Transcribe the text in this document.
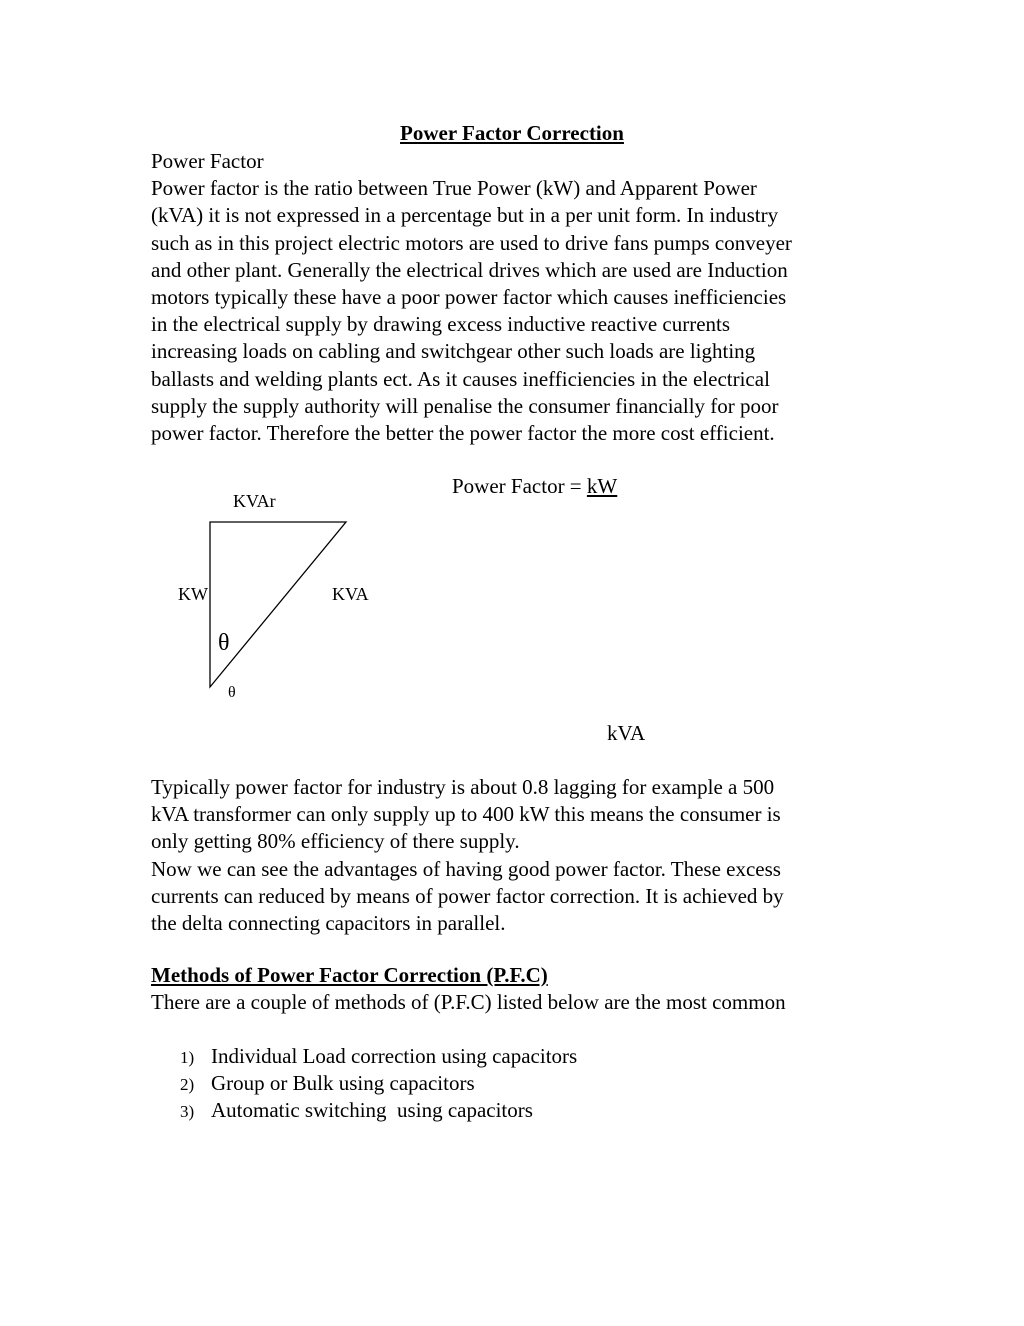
Power Factor Correction
Power Factor
Power factor is the ratio between True Power (kW) and Apparent Power
(kVA) it is not expressed in a percentage but in a per unit form. In industry
such as in this project electric motors are used to drive fans pumps conveyer
and other plant. Generally the electrical drives which are used are Induction
motors typically these have a poor power factor which causes inefficiencies
in the electrical supply by drawing excess inductive reactive currents
increasing loads on cabling and switchgear other such loads are lighting
ballasts and welding plants ect. As it causes inefficiencies in the electrical
supply the supply authority will penalise the consumer financially for poor
power factor. Therefore the better the power factor the more cost efficient.
KVAr
KW	KVA
θ
θ
Power Factor = kW
kVA
Typically power factor for industry is about 0.8 lagging for example a 500
kVA transformer can only supply up to 400 kW this means the consumer is
only getting 80% efficiency of there supply.
Now we can see the advantages of having good power factor. These excess
currents can reduced by means of power factor correction. It is achieved by
the delta connecting capacitors in parallel.
Methods of Power Factor Correction (P.F.C)
There are a couple of methods of (P.F.C) listed below are the most common
1) Individual Load correction using capacitors
2) Group or Bulk using capacitors
3) Automatic switching  using capacitors
